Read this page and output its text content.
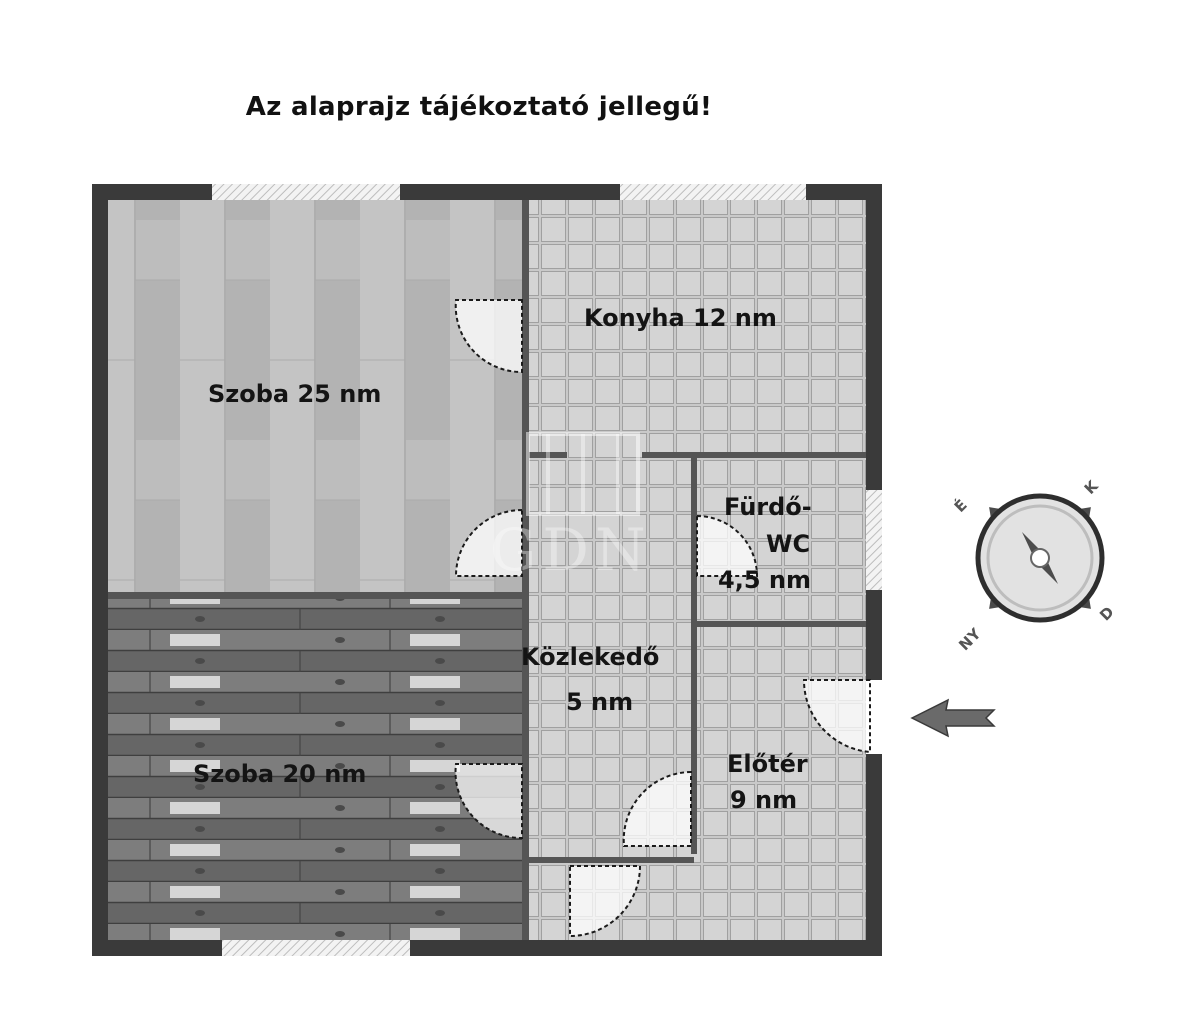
Az alaprajz tájékoztató jellegű!
GDN
Szoba 25 nm
Konyha 12 nm
Fürdő-
WC
4,5 nm
Közlekedő
5 nm
Szoba 20 nm	Előtér
9 nm
É
K
D
NY
